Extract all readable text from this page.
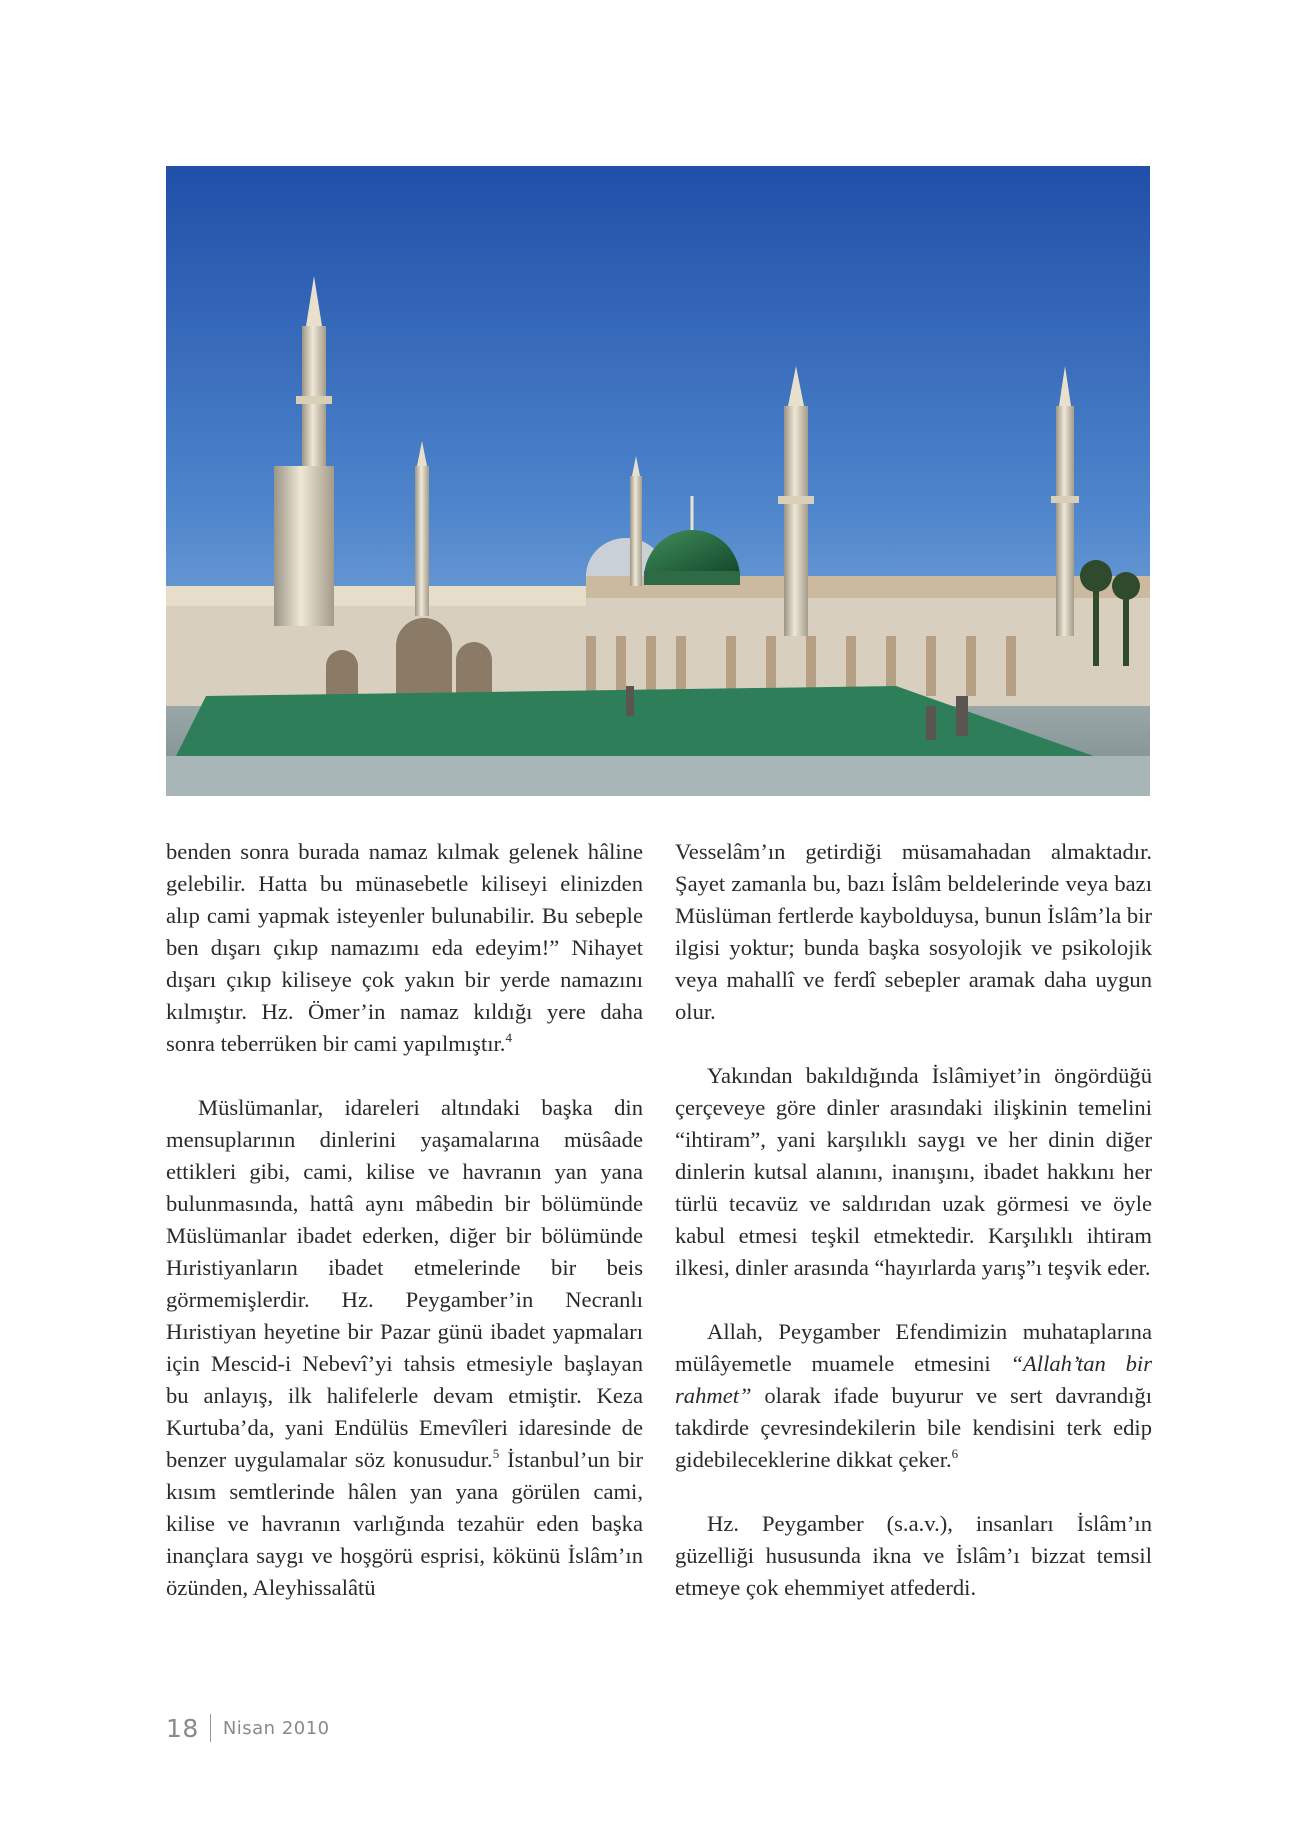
benden sonra burada namaz kılmak gelenek hâline gelebilir. Hatta bu münasebetle kiliseyi elinizden alıp cami yapmak isteyenler bulunabilir. Bu sebeple ben dışarı çıkıp namazımı eda edeyim!” Nihayet dışarı çıkıp kiliseye çok yakın bir yerde namazını kılmıştır. Hz. Ömer’in namaz kıldığı yere daha sonra teberrüken bir cami yapılmıştır.$^4$

Müslümanlar, idareleri altındaki başka din mensuplarının dinlerini yaşamalarına müsâade ettikleri gibi, cami, kilise ve havranın yan yana bulunmasında, hattâ aynı mâbedin bir bölümünde Müslümanlar ibadet ederken, diğer bir bölümünde Hıristiyanların ibadet etmelerinde bir beis görmemişlerdir. Hz. Peygamber’in Necranlı Hıristiyan heyetine bir Pazar günü ibadet yapmaları için Mescid-i Nebevî’yi tahsis etmesiyle başlayan bu anlayış, ilk halifelerle devam etmiştir. Keza Kurtuba’da, yani Endülüs Emevîleri idaresinde de benzer uygulamalar söz konusudur.$^5$ İstanbul’un bir kısım semtlerinde hâlen yan yana görülen cami, kilise ve havranın varlığında tezahür eden başka inançlara saygı ve hoşgörü esprisi, kökünü İslâm’ın özünden, Aleyhissalâtü

Vesselâm’ın getirdiği müsamahadan almaktadır. Şayet zamanla bu, bazı İslâm beldelerinde veya bazı Müslüman fertlerde kaybolduysa, bunun İslâm’la bir ilgisi yoktur; bunda başka sosyolojik ve psikolojik veya mahallî ve ferdî sebepler aramak daha uygun olur.

Yakından bakıldığında İslâmiyet’in öngördüğü çerçeveye göre dinler arasındaki ilişkinin temelini “ihtiram”, yani karşılıklı saygı ve her dinin diğer dinlerin kutsal alanını, inanışını, ibadet hakkını her türlü tecavüz ve saldırıdan uzak görmesi ve öyle kabul etmesi teşkil etmektedir. Karşılıklı ihtiram ilkesi, dinler arasında “hayırlarda yarış”ı teşvik eder.

Allah, Peygamber Efendimizin muhataplarına mülâyemetle muamele etmesini “Allah’tan bir rahmet” olarak ifade buyurur ve sert davrandığı takdirde çevresindekilerin bile kendisini terk edip gidebileceklerine dikkat çeker.$^6$

Hz. Peygamber (s.a.v.), insanları İslâm’ın güzelliği hususunda ikna ve İslâm’ı bizzat temsil etmeye çok ehemmiyet atfederdi.

18 Nisan 2010
